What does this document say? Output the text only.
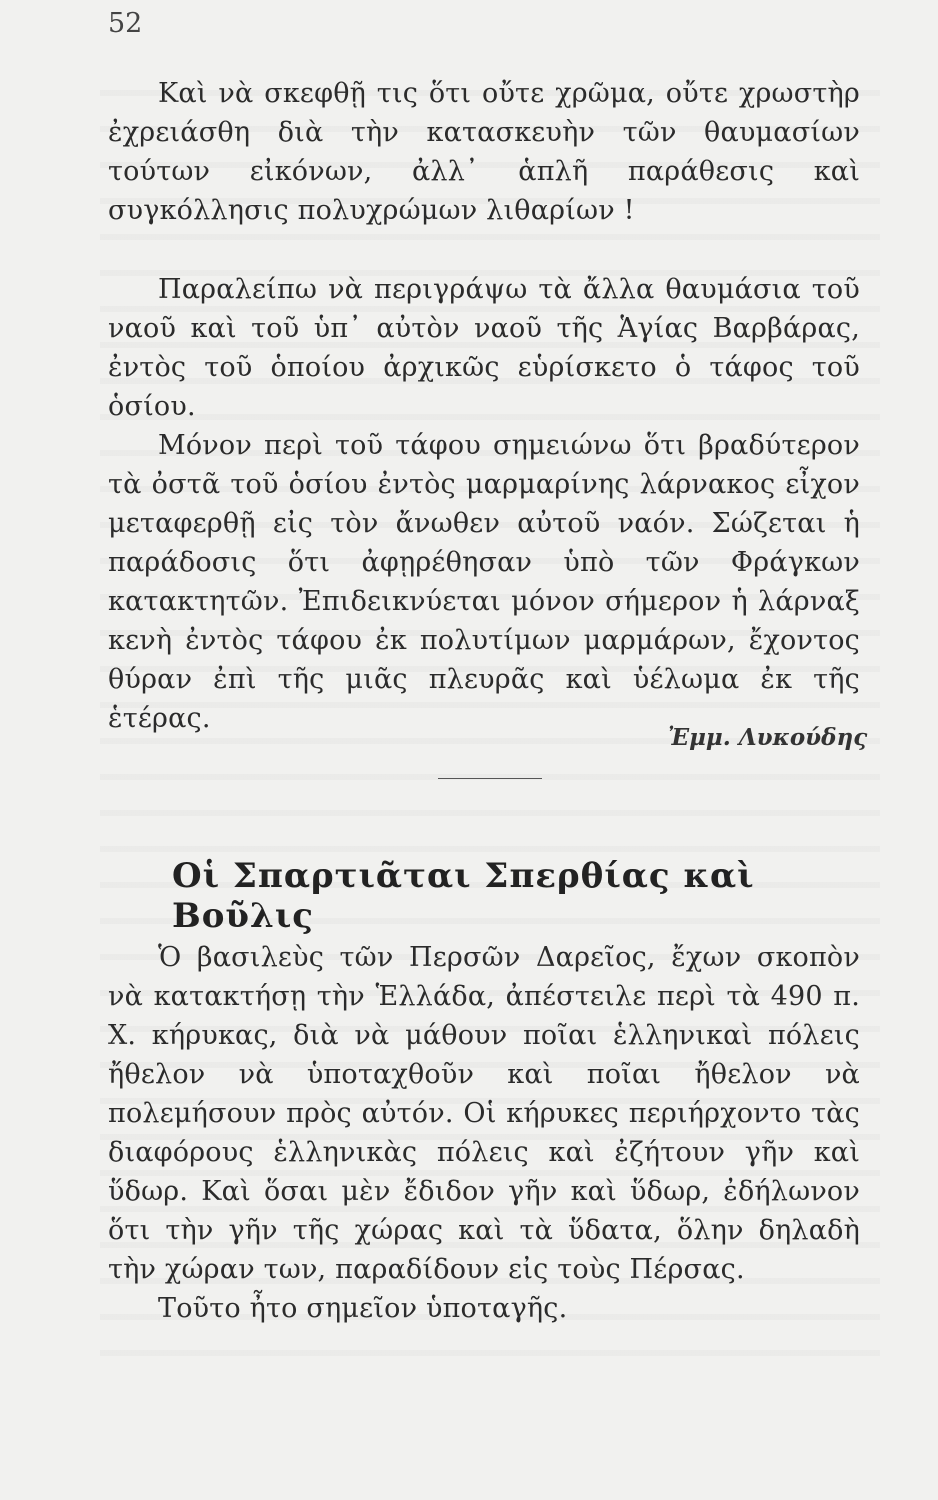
52

Καὶ νὰ σκεφθῇ τις ὅτι οὔτε χρῶμα, οὔτε χρωστὴρ ἐχρειάσθη διὰ τὴν κατασκευὴν τῶν θαυμασίων τούτων εἰκόνων, ἀλλ᾽ ἁπλῆ παράθεσις καὶ συγκόλλησις πολυχρώμων λιθαρίων !

Παραλείπω νὰ περιγράψω τὰ ἄλλα θαυμάσια τοῦ ναοῦ καὶ τοῦ ὑπ᾽ αὐτὸν ναοῦ τῆς Ἁγίας Βαρβάρας, ἐντὸς τοῦ ὁποίου ἀρχικῶς εὑρίσκετο ὁ τάφος τοῦ ὁσίου.

Μόνον περὶ τοῦ τάφου σημειώνω ὅτι βραδύτερον τὰ ὀστᾶ τοῦ ὁσίου ἐντὸς μαρμαρίνης λάρνακος εἶχον μεταφερθῇ εἰς τὸν ἄνωθεν αὐτοῦ ναόν. Σώζεται ἡ παράδοσις ὅτι ἀφῃρέθησαν ὑπὸ τῶν Φράγκων κατακτητῶν. Ἐπιδεικνύεται μόνον σήμερον ἡ λάρναξ κενὴ ἐντὸς τάφου ἐκ πολυτίμων μαρμάρων, ἔχοντος θύραν ἐπὶ τῆς μιᾶς πλευρᾶς καὶ ὑέλωμα ἐκ τῆς ἑτέρας.

Ἐμμ. Λυκούδης
Οἱ Σπαρτιᾶται Σπερθίας καὶ Βοῦλις

Ὁ βασιλεὺς τῶν Περσῶν Δαρεῖος, ἔχων σκοπὸν νὰ κατακτήσῃ τὴν Ἑλλάδα, ἀπέστειλε περὶ τὰ 490 π. Χ. κήρυκας, διὰ νὰ μάθουν ποῖαι ἑλληνικαὶ πόλεις ἤθελον νὰ ὑποταχθοῦν καὶ ποῖαι ἤθελον νὰ πολεμήσουν πρὸς αὐτόν. Οἱ κήρυκες περιήρχοντο τὰς διαφόρους ἑλληνικὰς πόλεις καὶ ἐζήτουν γῆν καὶ ὕδωρ. Καὶ ὅσαι μὲν ἔδιδον γῆν καὶ ὕδωρ, ἐδήλωνον ὅτι τὴν γῆν τῆς χώρας καὶ τὰ ὕδατα, ὅλην δηλαδὴ τὴν χώραν των, παραδίδουν εἰς τοὺς Πέρσας.

Τοῦτο ἦτο σημεῖον ὑποταγῆς.
